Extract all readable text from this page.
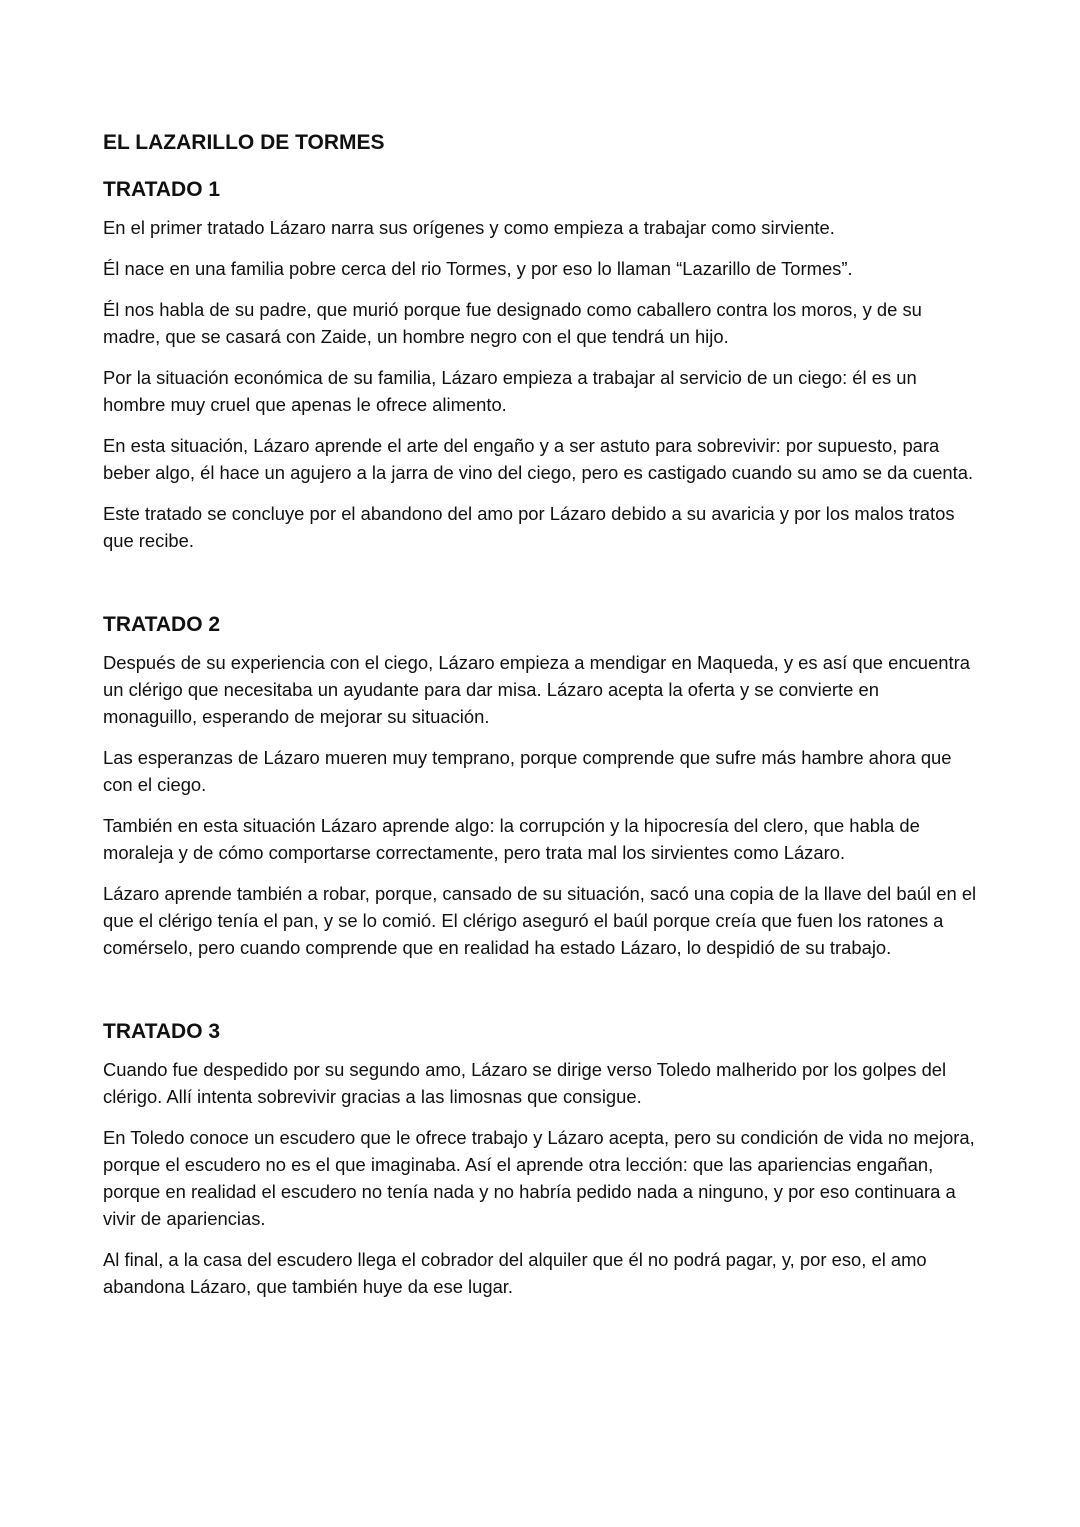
EL LAZARILLO DE TORMES
TRATADO 1

En el primer tratado Lázaro narra sus orígenes y como empieza a trabajar como sirviente.

Él nace en una familia pobre cerca del rio Tormes, y por eso lo llaman “Lazarillo de Tormes”.

Él nos habla de su padre, que murió porque fue designado como caballero contra los moros, y de su madre, que se casará con Zaide, un hombre negro con el que tendrá un hijo.

Por la situación económica de su familia, Lázaro empieza a trabajar al servicio de un ciego: él es un hombre muy cruel que apenas le ofrece alimento.

En esta situación, Lázaro aprende el arte del engaño y a ser astuto para sobrevivir: por supuesto, para beber algo, él hace un agujero a la jarra de vino del ciego, pero es castigado cuando su amo se da cuenta.

Este tratado se concluye por el abandono del amo por Lázaro debido a su avaricia y por los malos tratos que recibe.

TRATADO 2

Después de su experiencia con el ciego, Lázaro empieza a mendigar en Maqueda, y es así que encuentra un clérigo que necesitaba un ayudante para dar misa. Lázaro acepta la oferta y se convierte en monaguillo, esperando de mejorar su situación.

Las esperanzas de Lázaro mueren muy temprano, porque comprende que sufre más hambre ahora que con el ciego.

También en esta situación Lázaro aprende algo: la corrupción y la hipocresía del clero, que habla de moraleja y de cómo comportarse correctamente, pero trata mal los sirvientes como Lázaro.

Lázaro aprende también a robar, porque, cansado de su situación, sacó una copia de la llave del baúl en el que el clérigo tenía el pan, y se lo comió. El clérigo aseguró el baúl porque creía que fuen los ratones a comérselo, pero cuando comprende que en realidad ha estado Lázaro, lo despidió de su trabajo.

TRATADO 3

Cuando fue despedido por su segundo amo, Lázaro se dirige verso Toledo malherido por los golpes del clérigo. Allí intenta sobrevivir gracias a las limosnas que consigue.

En Toledo conoce un escudero que le ofrece trabajo y Lázaro acepta, pero su condición de vida no mejora, porque el escudero no es el que imaginaba. Así el aprende otra lección: que las apariencias engañan, porque en realidad el escudero no tenía nada y no habría pedido nada a ninguno, y por eso continuara a vivir de apariencias.

Al final, a la casa del escudero llega el cobrador del alquiler que él no podrá pagar, y, por eso, el amo abandona Lázaro, que también huye da ese lugar.
